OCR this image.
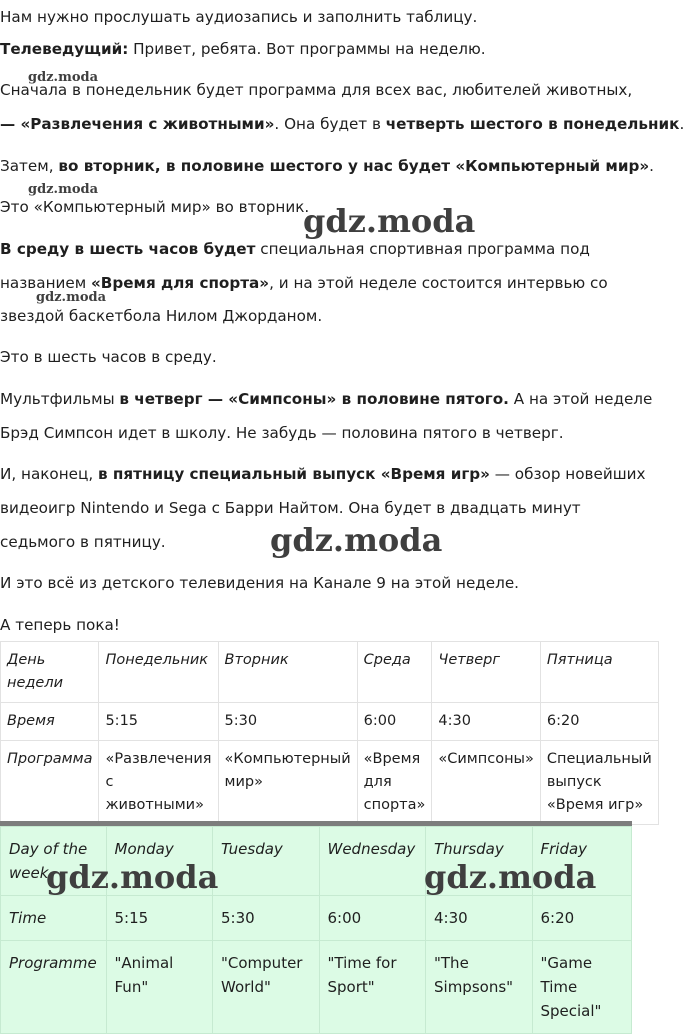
Нам нужно прослушать аудиозапись и заполнить таблицу.

Телеведущий: Привет, ребята. Вот программы на неделю.

Сначала в понедельник будет программа для всех вас, любителей животных,

— «Развлечения с животными». Она будет в четверть шестого в понедельник.

Затем, во вторник, в половине шестого у нас будет «Компьютерный мир».

Это «Компьютерный мир» во вторник.

В среду в шесть часов будет специальная спортивная программа под

названием «Время для спорта», и на этой неделе состоится интервью со

звездой баскетбола Нилом Джорданом.

Это в шесть часов в среду.

Мультфильмы в четверг — «Симпсоны» в половине пятого. А на этой неделе

Брэд Симпсон идет в школу. Не забудь — половина пятого в четверг.

И, наконец, в пятницу специальный выпуск «Время игр» — обзор новейших

видеоигр Nintendo и Sega с Барри Найтом. Она будет в двадцать минут

седьмого в пятницу.

И это всё из детского телевидения на Канале 9 на этой неделе.

А теперь пока!

День недели	Понедельник	Вторник	Среда	Четверг	Пятница
Время	5:15	5:30	6:00	4:30	6:20
Программа	«Развлечения с животными»	«Компьютерный мир»	«Время для спорта»	«Симпсоны»	Специальный выпуск «Время игр»
Day of the week	Monday	Tuesday	Wednesday	Thursday	Friday
Time	5:15	5:30	6:00	4:30	6:20
Programme	"Animal Fun"	"Computer World"	"Time for Sport"	"The Simpsons"	"Game Time Special"
gdz.moda
gdz.moda
gdz.moda
gdz.moda
gdz.moda
gdz.moda	gdz.moda
